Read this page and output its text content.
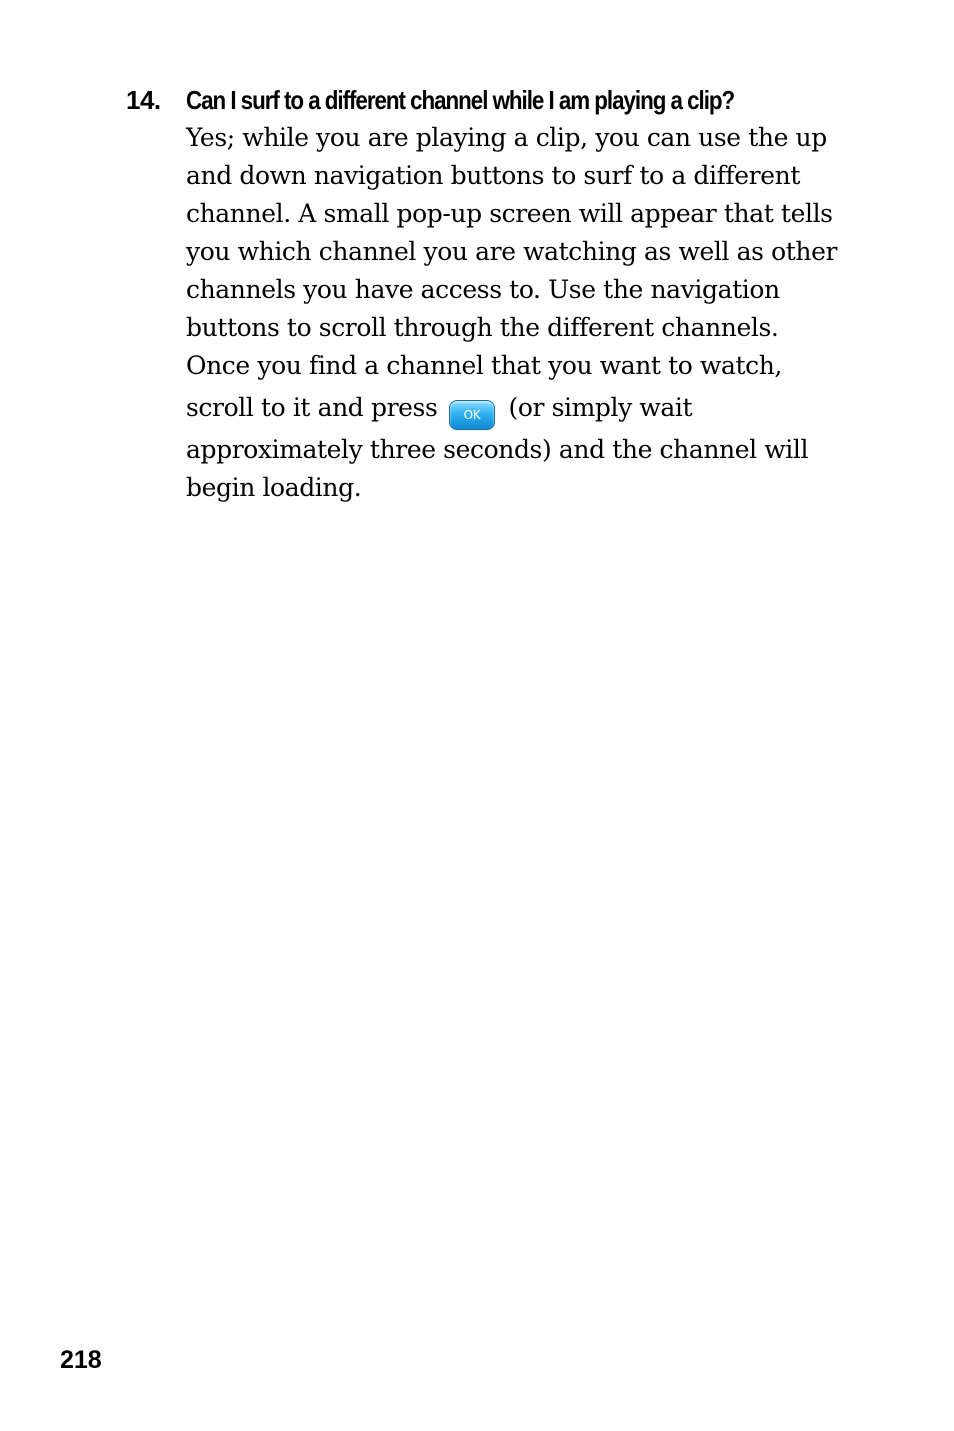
14. Can I surf to a different channel while I am playing a clip?
Yes; while you are playing a clip, you can use the up
and down navigation buttons to surf to a different
channel. A small pop-up screen will appear that tells
you which channel you are watching as well as other
channels you have access to. Use the navigation
buttons to scroll through the different channels.
Once you find a channel that you want to watch,
scroll to it and press OK (or simply wait
approximately three seconds) and the channel will
begin loading.
218
